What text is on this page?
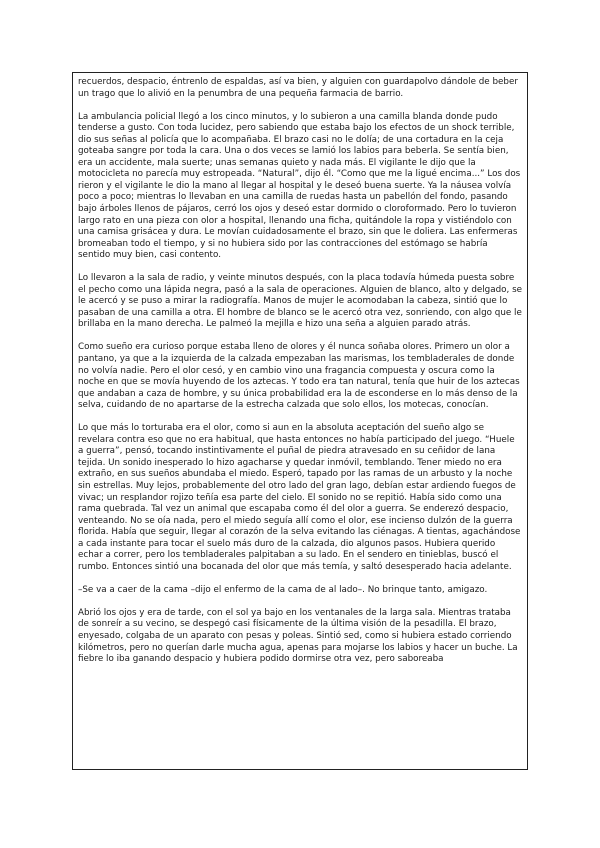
recuerdos, despacio, éntrenlo de espaldas, así va bien, y alguien con guardapolvo dándole de beber un trago que lo alivió en la penumbra de una pequeña farmacia de barrio.

La ambulancia policial llegó a los cinco minutos, y lo subieron a una camilla blanda donde pudo tenderse a gusto. Con toda lucidez, pero sabiendo que estaba bajo los efectos de un shock terrible, dio sus señas al policía que lo acompañaba. El brazo casi no le dolía; de una cortadura en la ceja goteaba sangre por toda la cara. Una o dos veces se lamió los labios para beberla. Se sentía bien, era un accidente, mala suerte; unas semanas quieto y nada más. El vigilante le dijo que la motocicleta no parecía muy estropeada. “Natural”, dijo él. “Como que me la ligué encima...” Los dos rieron y el vigilante le dio la mano al llegar al hospital y le deseó buena suerte. Ya la náusea volvía poco a poco; mientras lo llevaban en una camilla de ruedas hasta un pabellón del fondo, pasando bajo árboles llenos de pájaros, cerró los ojos y deseó estar dormido o cloroformado. Pero lo tuvieron largo rato en una pieza con olor a hospital, llenando una ficha, quitándole la ropa y vistiéndolo con una camisa grisácea y dura. Le movían cuidadosamente el brazo, sin que le doliera. Las enfermeras bromeaban todo el tiempo, y si no hubiera sido por las contracciones del estómago se habría sentido muy bien, casi contento.

Lo llevaron a la sala de radio, y veinte minutos después, con la placa todavía húmeda puesta sobre el pecho como una lápida negra, pasó a la sala de operaciones. Alguien de blanco, alto y delgado, se le acercó y se puso a mirar la radiografía. Manos de mujer le acomodaban la cabeza, sintió que lo pasaban de una camilla a otra. El hombre de blanco se le acercó otra vez, sonriendo, con algo que le brillaba en la mano derecha. Le palmeó la mejilla e hizo una seña a alguien parado atrás.

Como sueño era curioso porque estaba lleno de olores y él nunca soñaba olores. Primero un olor a pantano, ya que a la izquierda de la calzada empezaban las marismas, los tembladerales de donde no volvía nadie. Pero el olor cesó, y en cambio vino una fragancia compuesta y oscura como la noche en que se movía huyendo de los aztecas. Y todo era tan natural, tenía que huir de los aztecas que andaban a caza de hombre, y su única probabilidad era la de esconderse en lo más denso de la selva, cuidando de no apartarse de la estrecha calzada que solo ellos, los motecas, conocían.

Lo que más lo torturaba era el olor, como si aun en la absoluta aceptación del sueño algo se revelara contra eso que no era habitual, que hasta entonces no había participado del juego. “Huele a guerra”, pensó, tocando instintivamente el puñal de piedra atravesado en su ceñidor de lana tejida. Un sonido inesperado lo hizo agacharse y quedar inmóvil, temblando. Tener miedo no era extraño, en sus sueños abundaba el miedo. Esperó, tapado por las ramas de un arbusto y la noche sin estrellas. Muy lejos, probablemente del otro lado del gran lago, debían estar ardiendo fuegos de vivac; un resplandor rojizo teñía esa parte del cielo. El sonido no se repitió. Había sido como una rama quebrada. Tal vez un animal que escapaba como él del olor a guerra. Se enderezó despacio, venteando. No se oía nada, pero el miedo seguía allí como el olor, ese incienso dulzón de la guerra florida. Había que seguir, llegar al corazón de la selva evitando las ciénagas. A tientas, agachándose a cada instante para tocar el suelo más duro de la calzada, dio algunos pasos. Hubiera querido echar a correr, pero los tembladerales palpitaban a su lado. En el sendero en tinieblas, buscó el rumbo. Entonces sintió una bocanada del olor que más temía, y saltó desesperado hacia adelante.

–Se va a caer de la cama –dijo el enfermo de la cama de al lado–. No brinque tanto, amigazo.

Abrió los ojos y era de tarde, con el sol ya bajo en los ventanales de la larga sala. Mientras trataba de sonreír a su vecino, se despegó casi físicamente de la última visión de la pesadilla. El brazo, enyesado, colgaba de un aparato con pesas y poleas. Sintió sed, como si hubiera estado corriendo kilómetros, pero no querían darle mucha agua, apenas para mojarse los labios y hacer un buche. La fiebre lo iba ganando despacio y hubiera podido dormirse otra vez, pero saboreaba
